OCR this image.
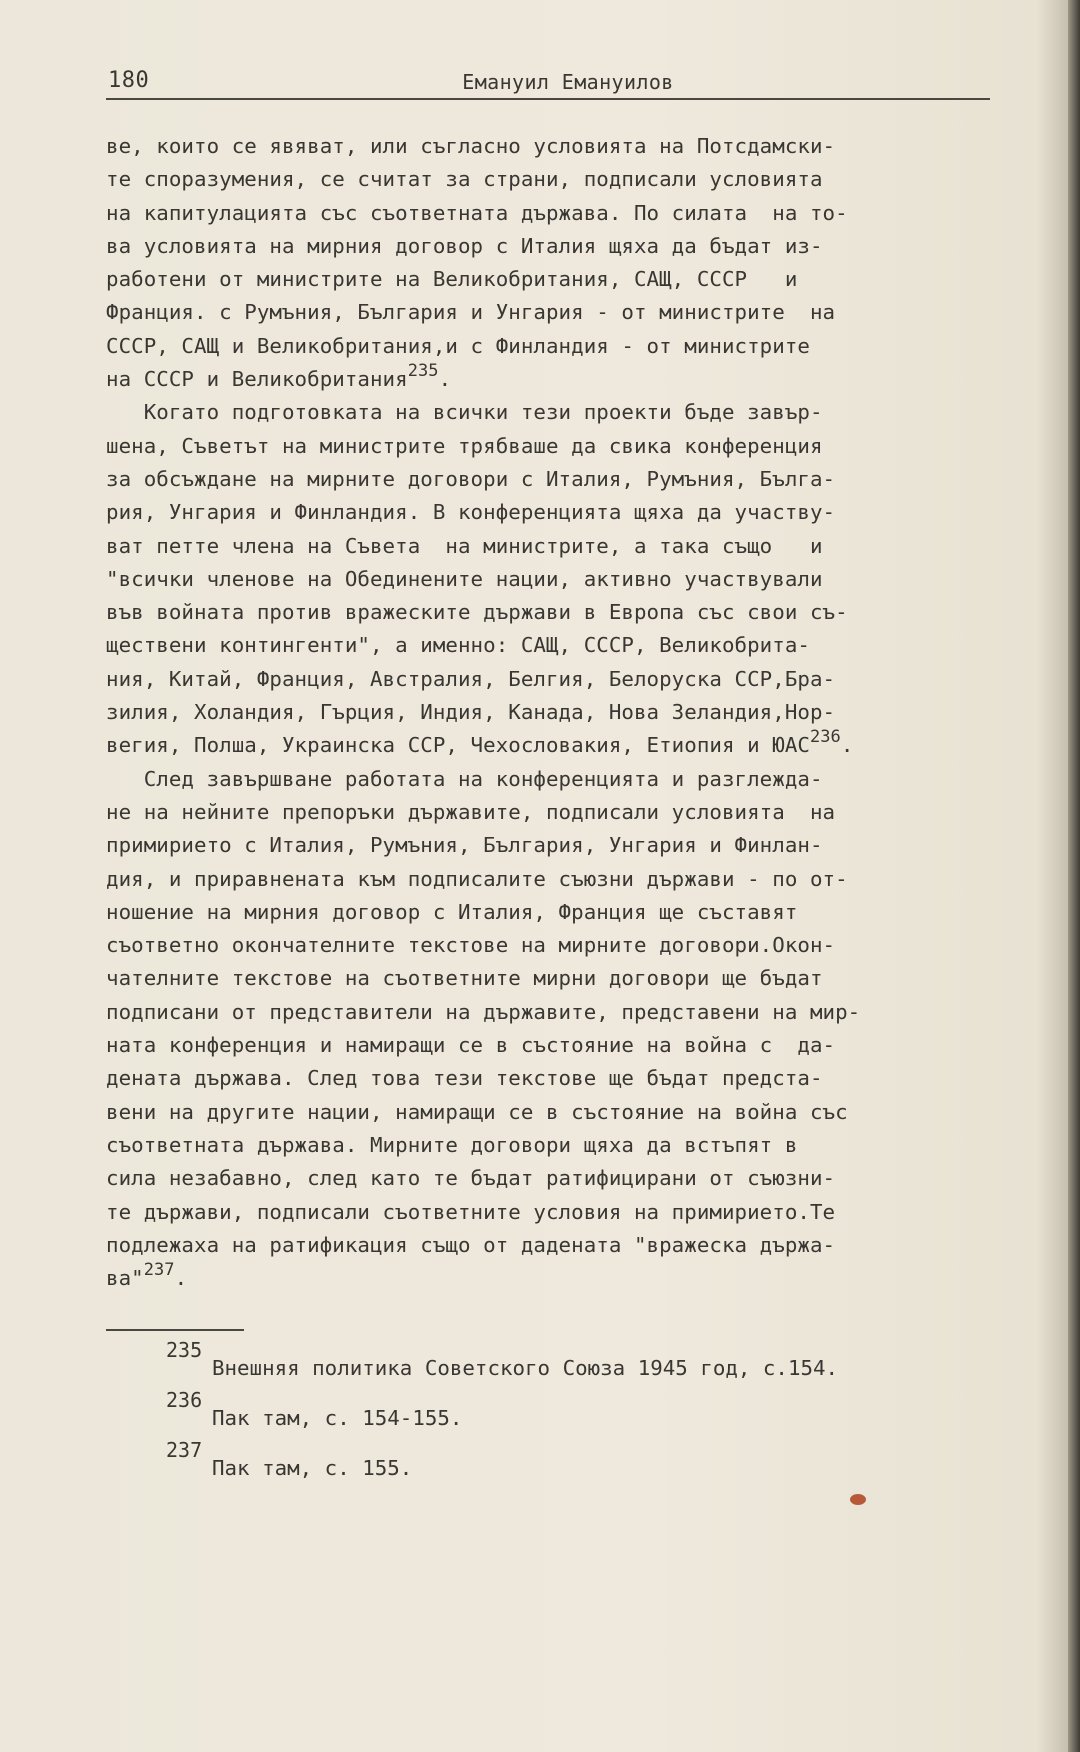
180	Емануил Емануилов
ве, които се явяват, или съгласно условията на Потсдамски-
те споразумения, се считат за страни, подписали условията
на капитулацията със съответната държава. По силата  на то-
ва условията на мирния договор с Италия щяха да бъдат из-
работени от министрите на Великобритания, САЩ, СССР   и
Франция. с Румъния, България и Унгария - от министрите  на
СССР, САЩ и Великобритания,и с Финландия - от министрите
на СССР и Великобритания$^{235}$.
Когато подготовката на всички тези проекти бъде завър-
шена, Съветът на министрите трябваше да свика конференция
за обсъждане на мирните договори с Италия, Румъния, Бълга-
рия, Унгария и Финландия. В конференцията щяха да участву-
ват петте члена на Съвета  на министрите, а така също   и
"всички членове на Обединените нации, активно участвували
във войната против вражеските държави в Европа със свои съ-
ществени контингенти", а именно: САЩ, СССР, Великобрита-
ния, Китай, Франция, Австралия, Белгия, Белоруска ССР,Бра-
зилия, Холандия, Гърция, Индия, Канада, Нова Зеландия,Нор-
вегия, Полша, Украинска ССР, Чехословакия, Етиопия и ЮАС$^{236}$.
След завършване работата на конференцията и разглежда-
не на нейните препоръки държавите, подписали условията  на
примирието с Италия, Румъния, България, Унгария и Финлан-
дия, и приравнената към подписалите съюзни държави - по от-
ношение на мирния договор с Италия, Франция ще съставят
съответно окончателните текстове на мирните договори.Окон-
чателните текстове на съответните мирни договори ще бъдат
подписани от представители на държавите, представени на мир-
ната конференция и намиращи се в състояние на война с  да-
дената държава. След това тези текстове ще бъдат предста-
вени на другите нации, намиращи се в състояние на война със
съответната държава. Мирните договори щяха да встъпят в
сила незабавно, след като те бъдат ратифицирани от съюзни-
те държави, подписали съответните условия на примирието.Те
подлежаха на ратификация също от дадената "вражеска държа-
ва"$^{237}$.

235

Внешняя политика Советского Союза 1945 год, с.154.

236

Пак там, с. 154-155.

237

Пак там, с. 155.
